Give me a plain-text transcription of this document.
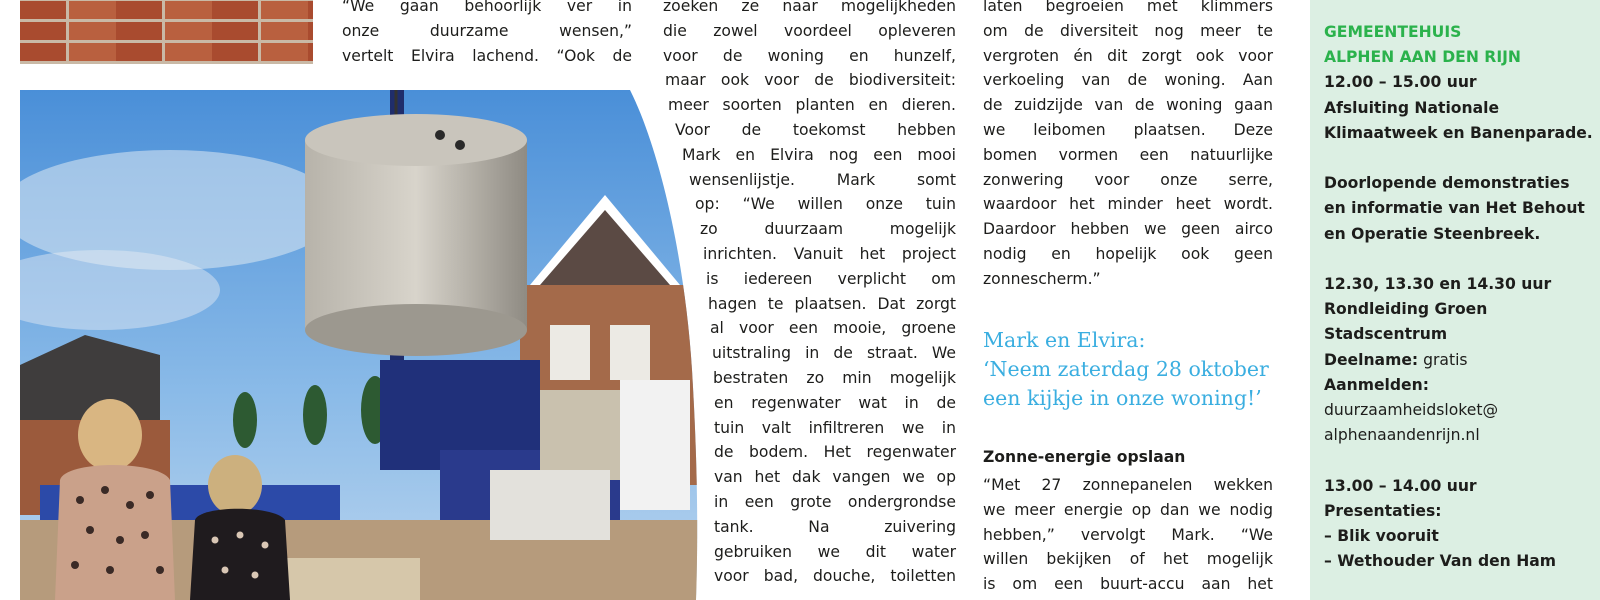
“We gaan behoorlijk ver in

onze duurzame wensen,”

vertelt Elvira lachend. “Ook de

zoeken ze naar mogelijkheden

die zowel voordeel opleveren

voor de woning en hunzelf,

maar ook voor de biodiversiteit:

meer soorten planten en dieren.

Voor de toekomst hebben

Mark en Elvira nog een mooi

wensenlijstje. Mark somt

op: “We willen onze tuin

zo duurzaam mogelijk

inrichten. Vanuit het project

is iedereen verplicht om

hagen te plaatsen. Dat zorgt

al voor een mooie, groene

uitstraling in de straat. We

bestraten zo min mogelijk

en regenwater wat in de

tuin valt infiltreren we in

de bodem. Het regenwater

van het dak vangen we op

in een grote ondergrondse

tank. Na zuivering

gebruiken we dit water

voor bad, douche, toiletten

laten begroeien met klimmers

om de diversiteit nog meer te

vergroten én dit zorgt ook voor

verkoeling van de woning. Aan

de zuidzijde van de woning gaan

we leibomen plaatsen. Deze

bomen vormen een natuurlijke

zonwering voor onze serre,

waardoor het minder heet wordt.

Daardoor hebben we geen airco

nodig en hopelijk ook geen

zonnescherm.”

Mark en Elvira:
‘Neem zaterdag 28 oktober
een kijkje in onze woning!’
Zonne-energie opslaan

“Met 27 zonnepanelen wekken

we meer energie op dan we nodig

hebben,” vervolgt Mark. “We

willen bekijken of het mogelijk

is om een buurt-accu aan het

GEMEENTEHUIS
ALPHEN AAN DEN RIJN
12.00 – 15.00 uur
Afsluiting Nationale
Klimaatweek en Banenparade.
Doorlopende demonstraties
en informatie van Het Behout
en Operatie Steenbreek.
12.30, 13.30 en 14.30 uur
Rondleiding Groen
Stadscentrum
Deelname: gratis
Aanmelden:
duurzaamheidsloket@
alphenaandenrijn.nl
13.00 – 14.00 uur
Presentaties:
– Blik vooruit
– Wethouder Van den Ham
